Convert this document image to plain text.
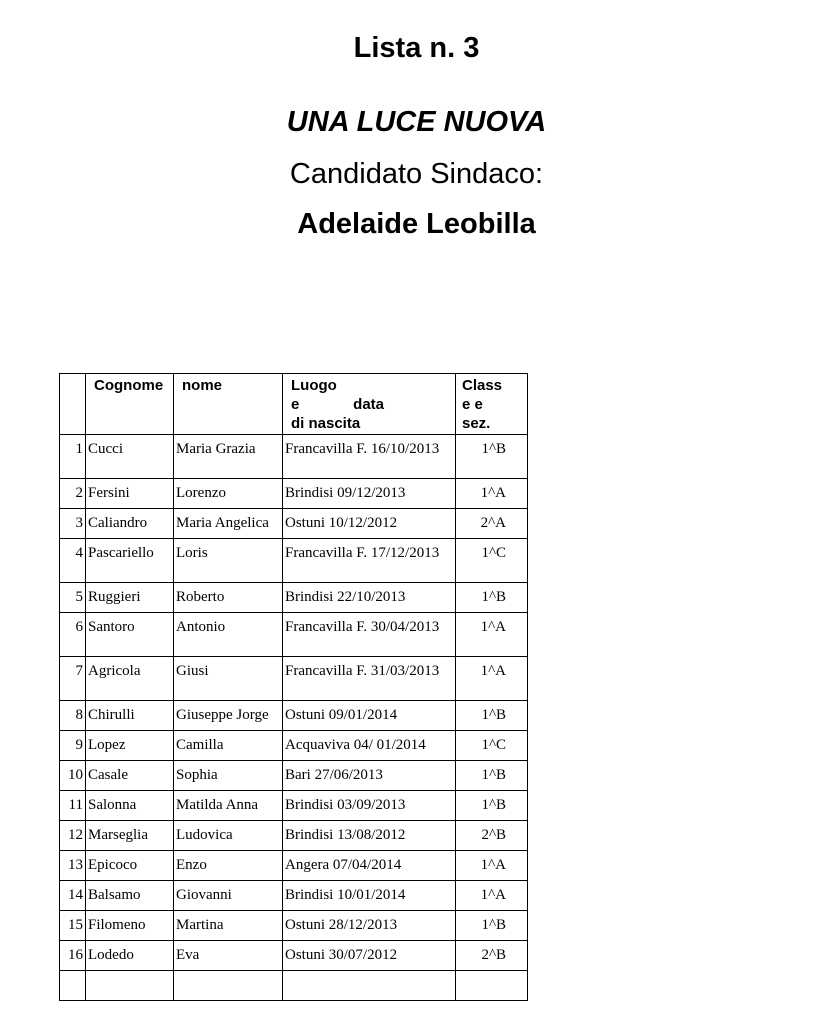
Lista n. 3
UNA LUCE NUOVA
Candidato Sindaco:
Adelaide Leobilla
	Cognome	nome	Luogo
e data
di nascita	Class
e e
sez.

1	Cucci	Maria Grazia	Francavilla F. 16/10/2013	1^B
2	Fersini	Lorenzo	Brindisi 09/12/2013	1^A
3	Caliandro	Maria Angelica	Ostuni 10/12/2012	2^A
4	Pascariello	Loris	Francavilla F. 17/12/2013	1^C
5	Ruggieri	Roberto	Brindisi 22/10/2013	1^B
6	Santoro	Antonio	Francavilla F. 30/04/2013	1^A
7	Agricola	Giusi	Francavilla F. 31/03/2013	1^A
8	Chirulli	Giuseppe Jorge	Ostuni 09/01/2014	1^B
9	Lopez	Camilla	Acquaviva 04/ 01/2014	1^C
10	Casale	Sophia	Bari 27/06/2013	1^B
11	Salonna	Matilda Anna	Brindisi 03/09/2013	1^B
12	Marseglia	Ludovica	Brindisi 13/08/2012	2^B
13	Epicoco	Enzo	Angera 07/04/2014	1^A
14	Balsamo	Giovanni	Brindisi 10/01/2014	1^A
15	Filomeno	Martina	Ostuni 28/12/2013	1^B
16	Lodedo	Eva	Ostuni 30/07/2012	2^B
